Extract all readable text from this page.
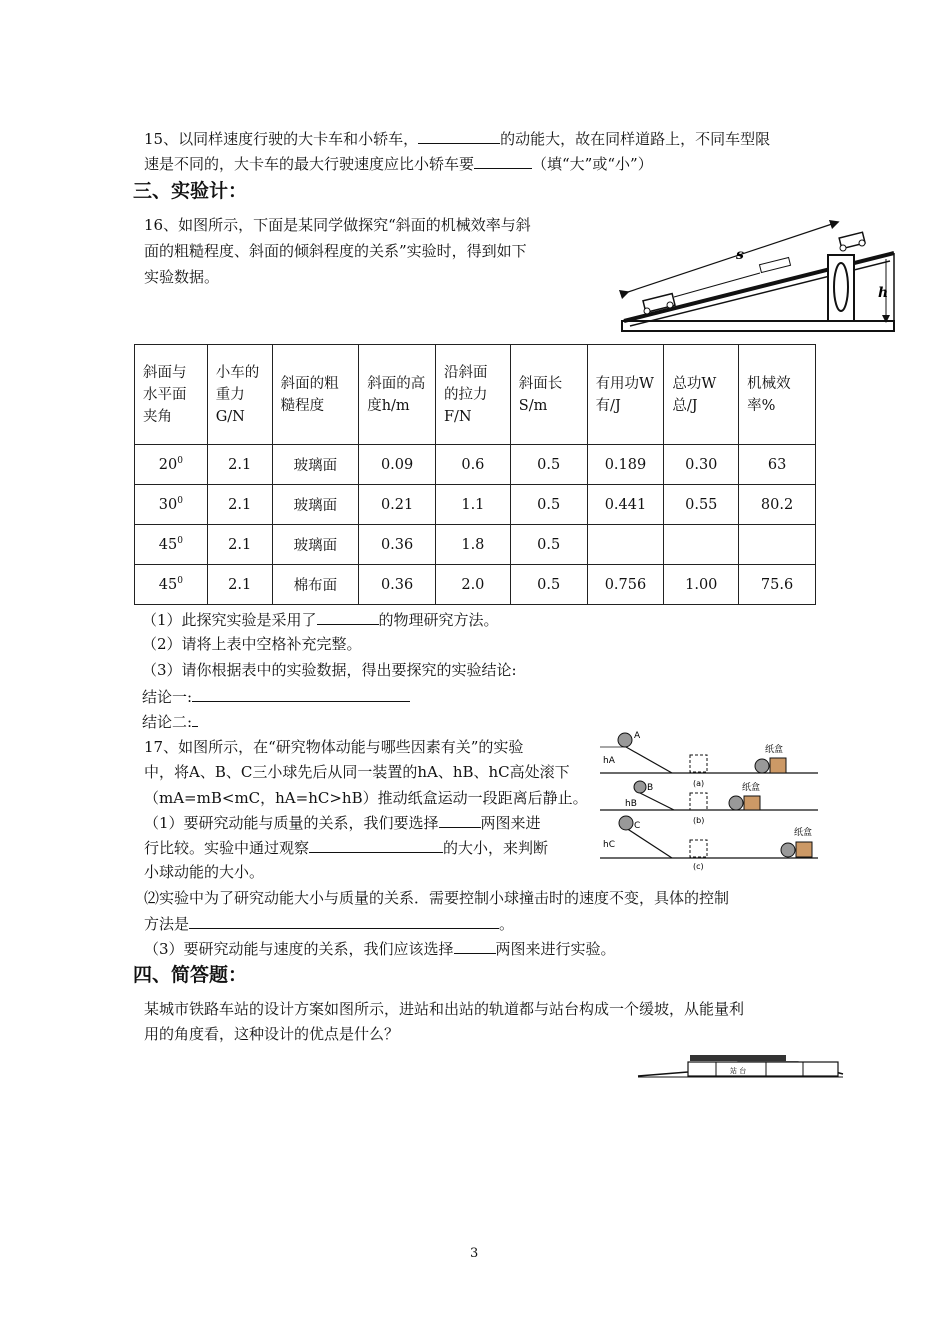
15、以同样速度行驶的大卡车和小轿车，	的动能大，故在同样道路上，不同车型限
速是不同的，大卡车的最大行驶速度应比小轿车要	（填“大”或“小”）
三、实验计：
16、如图所示，下面是某同学做探究“斜面的机械效率与斜
面的粗糙程度、斜面的倾斜程度的关系”实验时，得到如下
实验数据。
h
s
斜面与水平面夹角	小车的重力G/N	斜面的粗糙程度	斜面的高度h/m	沿斜面的拉力F/N	斜面长S/m	有用功W有/J	总功W总/J	机械效率%
$20^0$	2.1	玻璃面	0.09	0.6	0.5	0.189	0.30	63
$30^0$	2.1	玻璃面	0.21	1.1	0.5	0.441	0.55	80.2
$45^0$	2.1	玻璃面	0.36	1.8	0.5			
$45^0$	2.1	棉布面	0.36	2.0	0.5	0.756	1.00	75.6
（1）此探究实验是采用了	的物理研究方法。
（2）请将上表中空格补充完整。
（3）请你根据表中的实验数据，得出要探究的实验结论:
结论一:
结论二:
17、如图所示，在“研究物体动能与哪些因素有关”的实验
中，将A、B、C三小球先后从同一装置的hA、hB、hC高处滚下
（mA=mB<mC，hA=hC>hB）推动纸盒运动一段距离后静止。
（1）要研究动能与质量的关系，我们要选择	两图来进
行比较。实验中通过观察	的大小，来判断
小球动能的大小。
⑵实验中为了研究动能大小与质量的关系．需要控制小球撞击时的速度不变，具体的控制
方法是	。
（3）要研究动能与速度的关系，我们应该选择	两图来进行实验。
A
hA
(a)
纸盒
B
hB
(b)
纸盒
C
hC
(c)
纸盒
四、简答题：
某城市铁路车站的设计方案如图所示，进站和出站的轨道都与站台构成一个缓坡，从能量利
用的角度看，这种设计的优点是什么？
站 台
3
